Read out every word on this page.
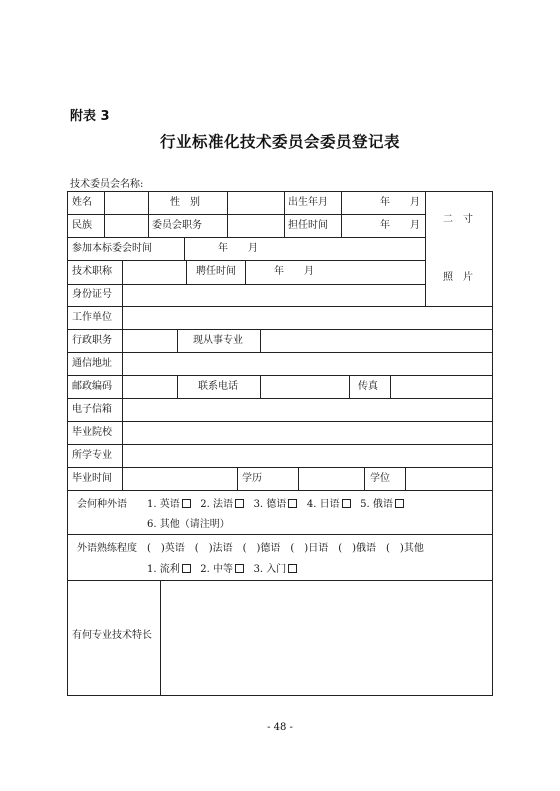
附表 3
行业标准化技术委员会委员登记表
技术委员会名称:
姓名	性　别	出生年月	年　　月
民族	委员会职务	担任时间	年　　月
二　寸
照　片
参加本标委会时间	年　　月
技术职称	聘任时间	年　　月
身份证号
工作单位
行政职务	现从事专业
通信地址
邮政编码	联系电话	传真
电子信箱
毕业院校
所学专业
毕业时间	学历	学位
会何种外语 1. 英语 2. 法语 3. 德语 4. 日语 5. 俄语
6. 其他（请注明）
外语熟练程度 (　)英语　(　)法语　(　)德语　(　)日语　(　)俄语　(　)其他
1. 流利 2. 中等 3. 入门
有何专业技术特长
- 48 -
